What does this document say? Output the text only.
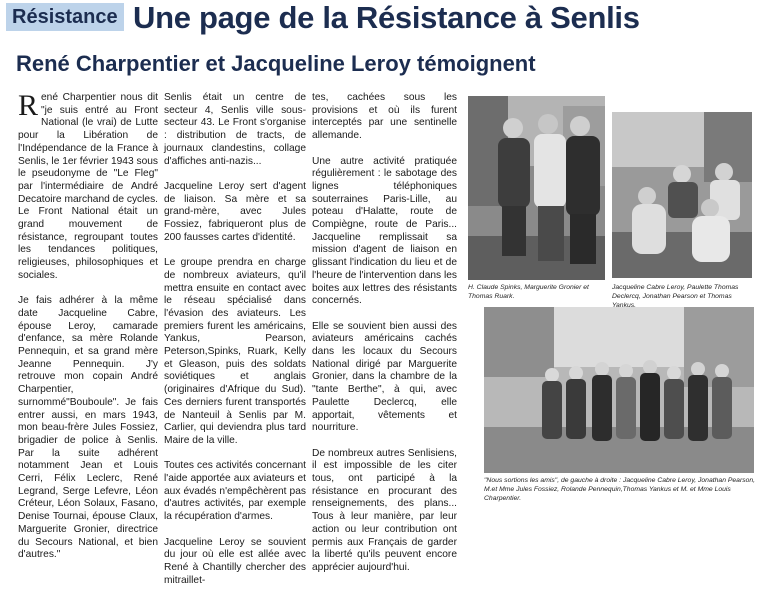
Résistance Une page de la Résistance à Senlis
René Charpentier et Jacqueline Leroy témoignent

René Charpentier nous dit "je suis entré au Front National (le vrai) de Lutte pour la Libération de l'Indépendance de la France à Senlis, le 1er février 1943 sous le pseudonyme de "Le Fleg" par l'intermédiaire de André Decatoire marchand de cycles. Le Front National était un grand mouvement de résistance, regroupant toutes les tendances politiques, religieuses, philosophiques et sociales.

Je fais adhérer à la même date Jacqueline Cabre, épouse Leroy, camarade d'enfance, sa mère Rolande Pennequin, et sa grand mère Jeanne Pennequin. J'y retrouve mon copain André Charpentier, surnommé"Bouboule". Je fais entrer aussi, en mars 1943, mon beau-frère Jules Fossiez, brigadier de police à Senlis. Par la suite adhérent notamment Jean et Louis Cerri, Félix Leclerc, René Legrand, Serge Lefevre, Léon Créteur, Léon Solaux, Fasano, Denise Tournai, épouse Claux, Marguerite Gronier, directrice du Secours National, et bien d'autres."

Senlis était un centre de secteur 4, Senlis ville sous-secteur 43. Le Front s'organise : distribution de tracts, de journaux clandestins, collage d'affiches anti-nazis...

Jacqueline Leroy sert d'agent de liaison. Sa mère et sa grand-mère, avec Jules Fossiez, fabriqueront plus de 200 fausses cartes d'identité.

Le groupe prendra en charge de nombreux aviateurs, qu'il mettra ensuite en contact avec le réseau spécialisé dans l'évasion des aviateurs. Les premiers furent les américains, Yankus, Pearson, Peterson,Spinks, Ruark, Kelly et Gleason, puis des soldats soviétiques et anglais (originaires d'Afrique du Sud). Ces derniers furent transportés de Nanteuil à Senlis par M. Carlier, qui deviendra plus tard Maire de la ville.

Toutes ces activités concernant l'aide apportée aux aviateurs et aux évadés n'empêchèrent pas d'autres activités, par exemple la récupération d'armes.

Jacqueline Leroy se souvient du jour où elle est allée avec René à Chantilly chercher des mitraillet-

tes, cachées sous les provisions et où ils furent interceptés par une sentinelle allemande.

Une autre activité pratiquée régulièrement : le sabotage des lignes téléphoniques souterraines Paris-Lille, au poteau d'Halatte, route de Compiègne, route de Paris... Jacqueline remplissait sa mission d'agent de liaison en glissant l'indication du lieu et de l'heure de l'intervention dans les boites aux lettres des résistants concernés.

Elle se souvient bien aussi des aviateurs américains cachés dans les locaux du Secours National dirigé par Marguerite Gronier, dans la chambre de la "tante Berthe", à qui, avec Paulette Declercq, elle apportait, vêtements et nourriture.

De nombreux autres Senlisiens, il est impossible de les citer tous, ont participé à la résistance en procurant des renseignements, des plans... Tous à leur manière, par leur action ou leur contribution ont permis aux Français de garder la liberté qu'ils peuvent encore apprécier aujourd'hui.

H. Claude Spinks, Marguerite Gronier et Thomas Ruark.
Jacqueline Cabre Leroy, Paulette Thomas Declercq, Jonathan Pearson et Thomas Yankus.
"Nous sortions les amis", de gauche à droite : Jacqueline Cabre Leroy, Jonathan Pearson, M.et Mme Jules Fossiez, Rolande Pennequin,Thomas Yankus et M. et Mme Louis Charpentier.
